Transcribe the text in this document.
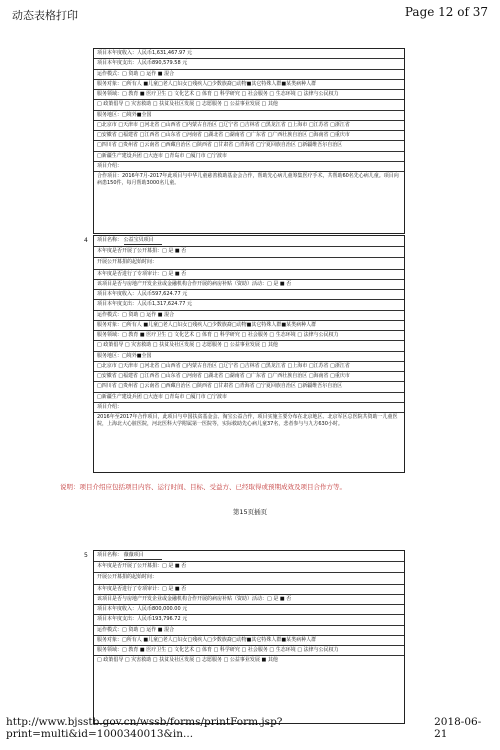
动态表格打印	Page 12 of 37
项目本年度收入：人民币1,631,467.97 元
项目本年度支出：人民币890,579.58 元
运作模式：□ 资助 □ 运作 ■ 混合
服务对象：□所有人 ■儿童□老人□妇女□残疾人□少数族裔□动物■其它特殊人群■某类病种人群
服务领域：□ 教育 ■ 医疗卫生 □ 文化艺术 □ 体育 □ 科学研究 □ 社会服务 □ 生态环境 □ 法律与公民权力
□ 政策倡导 □ 灾害救助 □ 扶贫及社区发展 □ 志愿服务 □ 公益事业发展 □ 其他
服务地区：□境外■全国
□北京市 □天津市 □河北省 □山西省 □内蒙古自治区 □辽宁省 □吉林省 □黑龙江省 □上海市 □江苏省 □浙江省
□安徽省 □福建省 □江西省 □山东省 □河南省 □湖北省 □湖南省 □广东省 □广西壮族自治区 □海南省 □重庆市
□四川省 □贵州省 □云南省 □西藏自治区 □陕西省 □甘肃省 □青海省 □宁夏回族自治区 □新疆维吾尔自治区
□新疆生产建设兵团 □大连市 □青岛市 □厦门市 □宁波市
项目介绍：
合作项目：2016年7月-2017年此项目与中华儿童慈善救助基金会合作，帮助先心病儿童筹集医疗手术，共帮助60名先心病儿童。项目向病患150件，每月帮助3000名儿童。
4	项目名称： 公益宝贝项目
本年度是否开展了公开募捐：□ 是 ■ 否
开展公开募捐的起始时间：
本年度是否进行了专项审计：□ 是 ■ 否
该项目是否与房地产开发企业或金融机构合作开展的病房补贴（资助）活动：□ 是 ■ 否
项目本年度收入：人民币597,624.77 元
项目本年度支出：人民币1,317,624.77 元
运作模式：□ 资助 □ 运作 ■ 混合
服务对象：□所有人 ■儿童□老人□妇女□残疾人□少数族裔□动物■其它特殊人群■某类病种人群
服务领域：□ 教育 ■ 医疗卫生 □ 文化艺术 □ 体育 □ 科学研究 □ 社会服务 □ 生态环境 □ 法律与公民权力
□ 政策倡导 □ 灾害救助 □ 扶贫及社区发展 □ 志愿服务 □ 公益事业发展 □ 其他
服务地区：□境外■全国
□北京市 □天津市 □河北省 □山西省 □内蒙古自治区 □辽宁省 □吉林省 □黑龙江省 □上海市 □江苏省 □浙江省
□安徽省 □福建省 □江西省 □山东省 □河南省 □湖北省 □湖南省 □广东省 □广西壮族自治区 □海南省 □重庆市
□四川省 □贵州省 □云南省 □西藏自治区 □陕西省 □甘肃省 □青海省 □宁夏回族自治区 □新疆维吾尔自治区
□新疆生产建设兵团 □大连市 □青岛市 □厦门市 □宁波市
项目介绍：
2016年至2017年合作项目，此项目与中国扶贫基金会、淘宝公益合作，项目实施主要分布在北京地区、北京军区总医院共资助一儿童医院，上海北大心脏医院，河北医科大学附属第一医院等，实际救助先心病儿童37名，悲者参与与九方630小时。
说明：项目介绍应包括项目内容、运行时间、目标、受益方、已经取得或预期成效及项目合作方等。
第15页插页
5	项目名称： 薇薇项目
本年度是否开展了公开募捐：□ 是 ■ 否
开展公开募捐的起始时间：
本年度是否进行了专项审计：□ 是 ■ 否
该项目是否与房地产开发企业或金融机构合作开展的病房补贴（资助）活动：□ 是 ■ 否
项目本年度收入：人民币800,000.00 元
项目本年度支出：人民币193,796.72 元
运作模式：□ 资助 □ 运作 ■ 混合
服务对象：□所有人 ■儿童□老人□妇女□残疾人□少数族裔□动物■其它特殊人群■某类病种人群
服务领域：□ 教育 ■ 医疗卫生 □ 文化艺术 □ 体育 □ 科学研究 □ 社会服务 □ 生态环境 □ 法律与公民权力
□ 政策倡导 □ 灾害救助 □ 扶贫及社区发展 □ 志愿服务 □ 公益事业发展 ■ 其他
http://www.bjsstb.gov.cn/wssb/forms/printForm.jsp?print=multi&id=1000340013&in...
2018-06-21
